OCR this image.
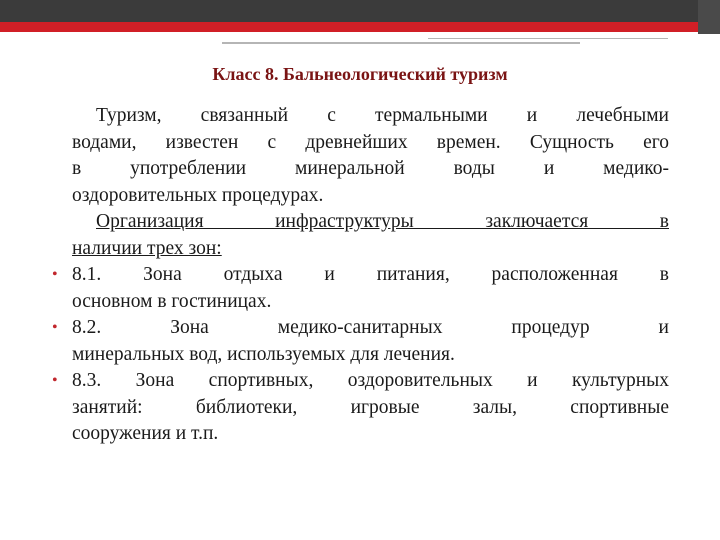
Класс 8. Бальнеологический туризм
Туризм, связанный с термальными и лечебными
водами, известен с древнейших времен. Сущность его
в употреблении минеральной воды и медико-
оздоровительных процедурах.
Организация инфраструктуры заключается в
наличии трех зон:
• 8.1. Зона отдыха и питания, расположенная в
основном в гостиницах.
• 8.2. Зона медико-санитарных процедур и
минеральных вод, используемых для лечения.
• 8.3. Зона спортивных, оздоровительных и культурных
занятий: библиотеки, игровые залы, спортивные
сооружения и т.п.
